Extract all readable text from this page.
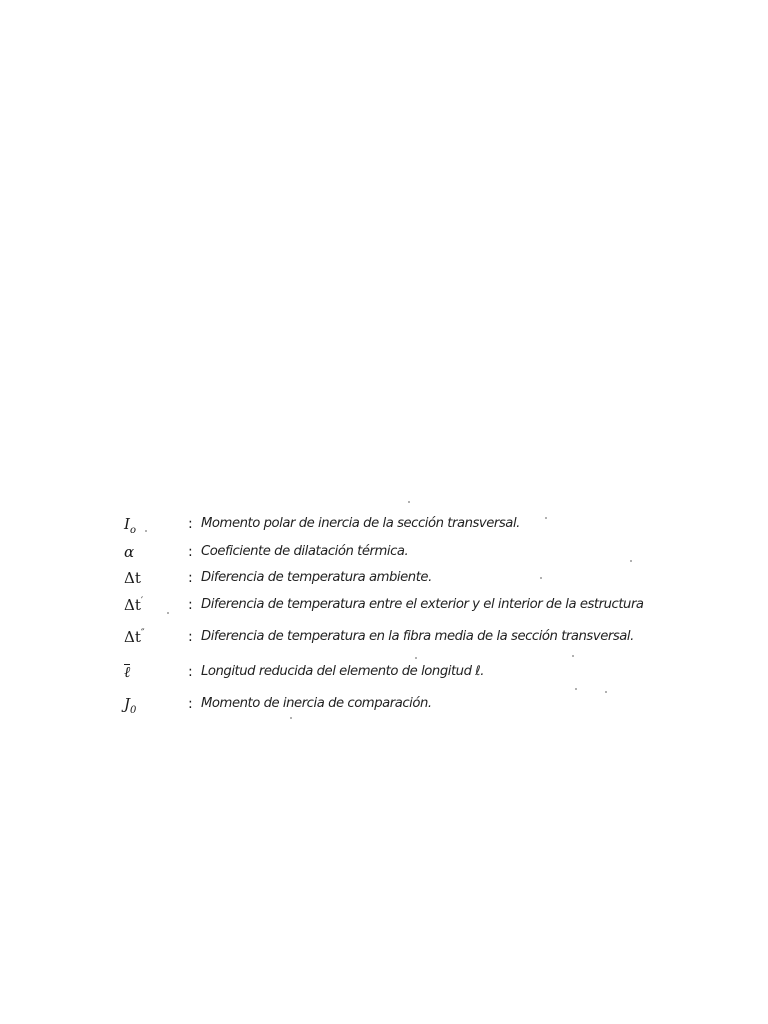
$I_o$	: Momento polar de inercia de la sección transversal.
α	: Coeficiente de dilatación térmica.
Δt	: Diferencia de temperatura ambiente.
Δt′	: Diferencia de temperatura entre el exterior y el interior de la estructura
Δt″	: Diferencia de temperatura en la fibra media de la sección transversal.
ℓ	: Longitud reducida del elemento de longitud ℓ.
$J_0$	: Momento de inercia de comparación.
